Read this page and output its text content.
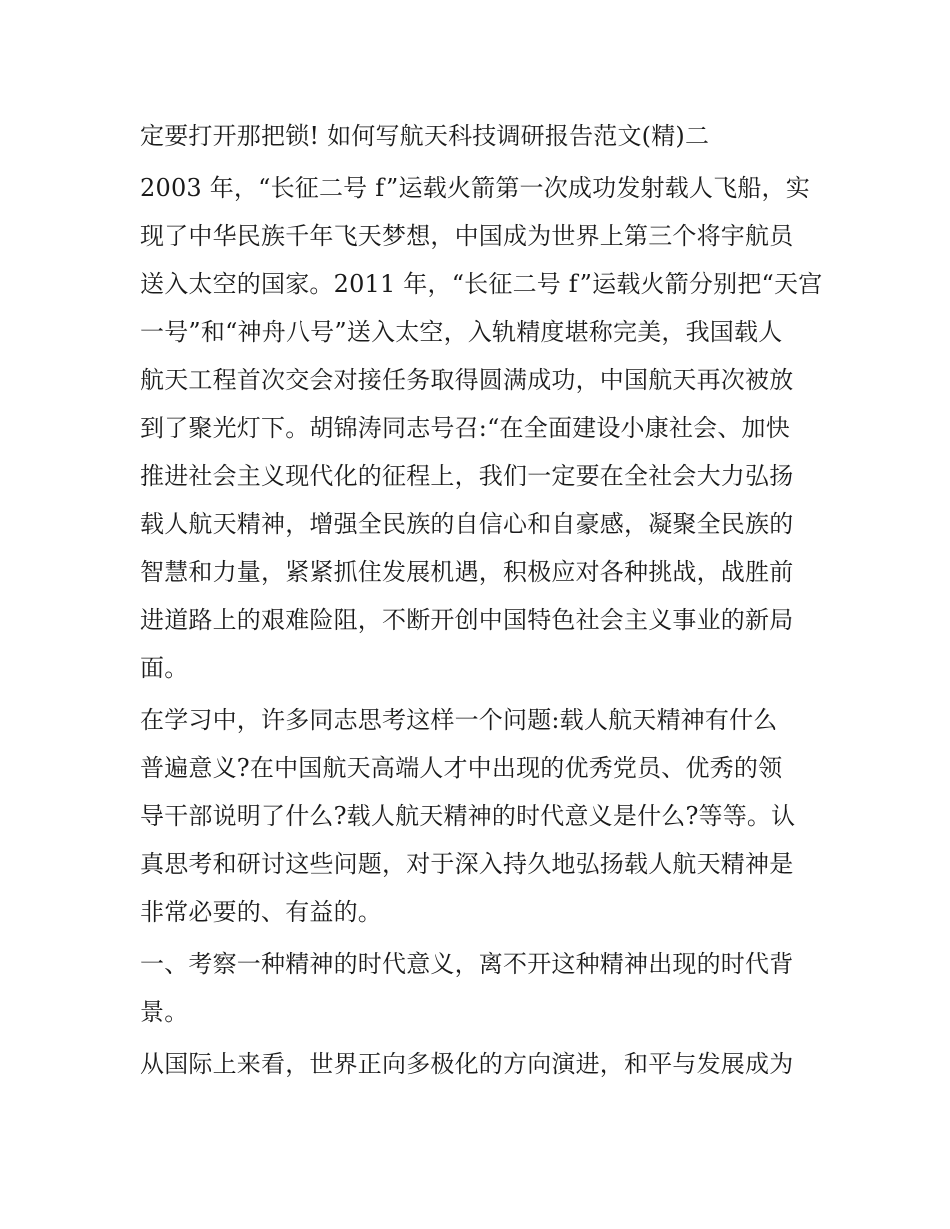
定要打开那把锁! 如何写航天科技调研报告范文(精)二
2003 年，“长征二号 f”运载火箭第一次成功发射载人飞船，实
现了中华民族千年飞天梦想，中国成为世界上第三个将宇航员
送入太空的国家。2011 年，“长征二号 f”运载火箭分别把“天宫
一号”和“神舟八号”送入太空，入轨精度堪称完美，我国载人
航天工程首次交会对接任务取得圆满成功，中国航天再次被放
到了聚光灯下。胡锦涛同志号召:“在全面建设小康社会、加快
推进社会主义现代化的征程上，我们一定要在全社会大力弘扬
载人航天精神，增强全民族的自信心和自豪感，凝聚全民族的
智慧和力量，紧紧抓住发展机遇，积极应对各种挑战，战胜前
进道路上的艰难险阻，不断开创中国特色社会主义事业的新局
面。
在学习中，许多同志思考这样一个问题:载人航天精神有什么
普遍意义?在中国航天高端人才中出现的优秀党员、优秀的领
导干部说明了什么?载人航天精神的时代意义是什么?等等。认
真思考和研讨这些问题，对于深入持久地弘扬载人航天精神是
非常必要的、有益的。
一、考察一种精神的时代意义，离不开这种精神出现的时代背
景。
从国际上来看，世界正向多极化的方向演进，和平与发展成为
